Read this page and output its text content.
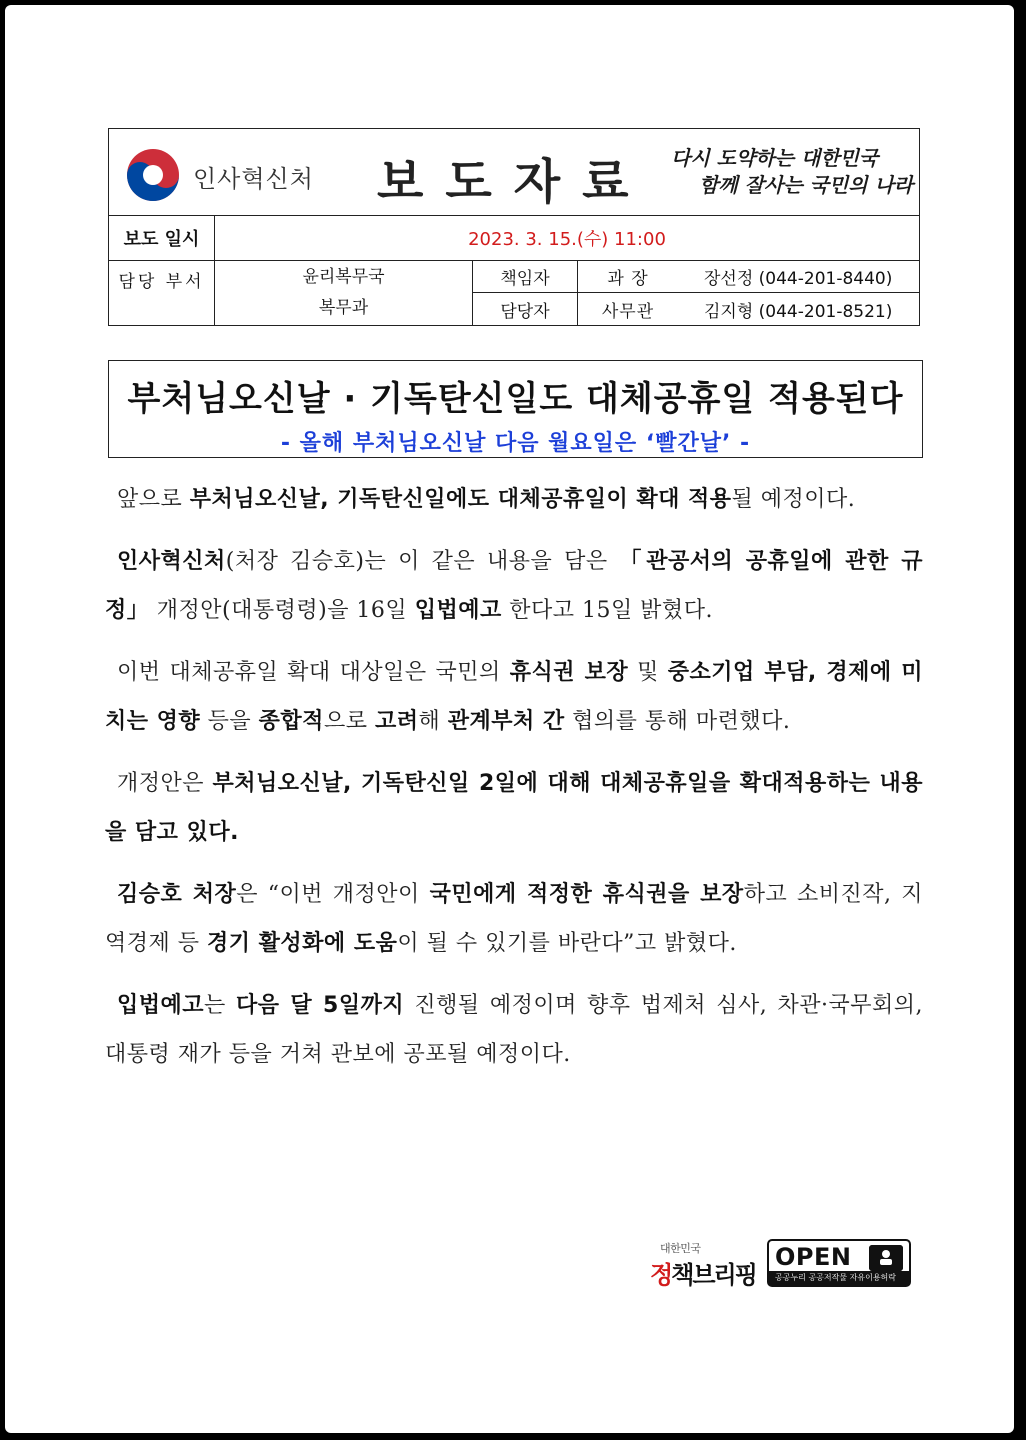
인사혁신처 보도자료 다시 도약하는 대한민국
함께 잘사는 국민의 나라
보도 일시	2023. 3. 15.(수) 11:00
담당 부서	윤리복무국
복무과
책임자
담당자
과 장
사무관
장선정 (044-201-8440)
김지형 (044-201-8521)
부처님오신날 · 기독탄신일도 대체공휴일 적용된다
- 올해 부처님오신날 다음 월요일은 ‘빨간날’ -

앞으로 부처님오신날, 기독탄신일에도 대체공휴일이 확대 적용될 예정이다.

인사혁신처(처장 김승호)는 이 같은 내용을 담은 「관공서의 공휴일에 관한 규정」 개정안(대통령령)을 16일 입법예고 한다고 15일 밝혔다.

이번 대체공휴일 확대 대상일은 국민의 휴식권 보장 및 중소기업 부담, 경제에 미치는 영향 등을 종합적으로 고려해 관계부처 간 협의를 통해 마련했다.

개정안은 부처님오신날, 기독탄신일 2일에 대해 대체공휴일을 확대적용하는 내용을 담고 있다.

김승호 처장은 “이번 개정안이 국민에게 적정한 휴식권을 보장하고 소비진작, 지역경제 등 경기 활성화에 도움이 될 수 있기를 바란다”고 밝혔다.

입법예고는 다음 달 5일까지 진행될 예정이며 향후 법제처 심사, 차관·국무회의, 대통령 재가 등을 거쳐 관보에 공포될 예정이다.

대한민국
정책브리핑
OPEN
공공누리 공공저작물 자유이용허락
